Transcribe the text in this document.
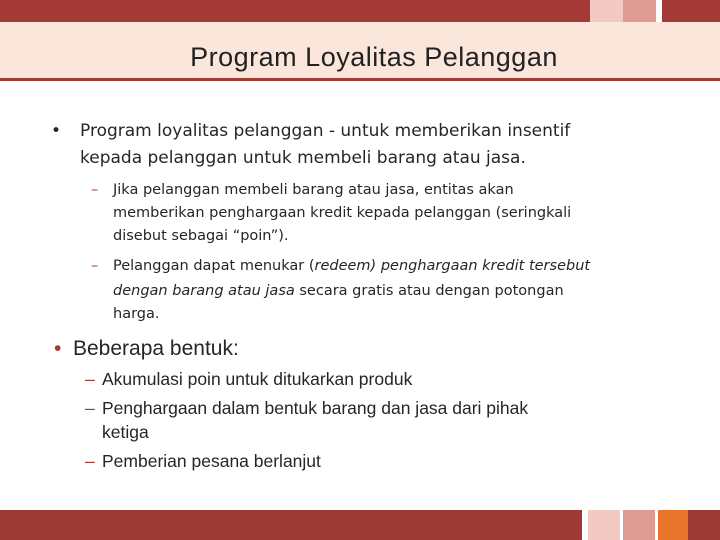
Program Loyalitas Pelanggan
• Program loyalitas pelanggan - untuk memberikan insentif
kepada pelanggan untuk membeli barang atau jasa.
– Jika pelanggan membeli barang atau jasa, entitas akan
memberikan penghargaan kredit kepada pelanggan (seringkali
disebut sebagai “poin”).
– Pelanggan dapat menukar (redeem) penghargaan kredit tersebut
dengan barang atau jasa secara gratis atau dengan potongan
harga.
• Beberapa bentuk:
– Akumulasi poin untuk ditukarkan produk
– Penghargaan dalam bentuk barang dan jasa dari pihak
ketiga
– Pemberian pesana berlanjut
